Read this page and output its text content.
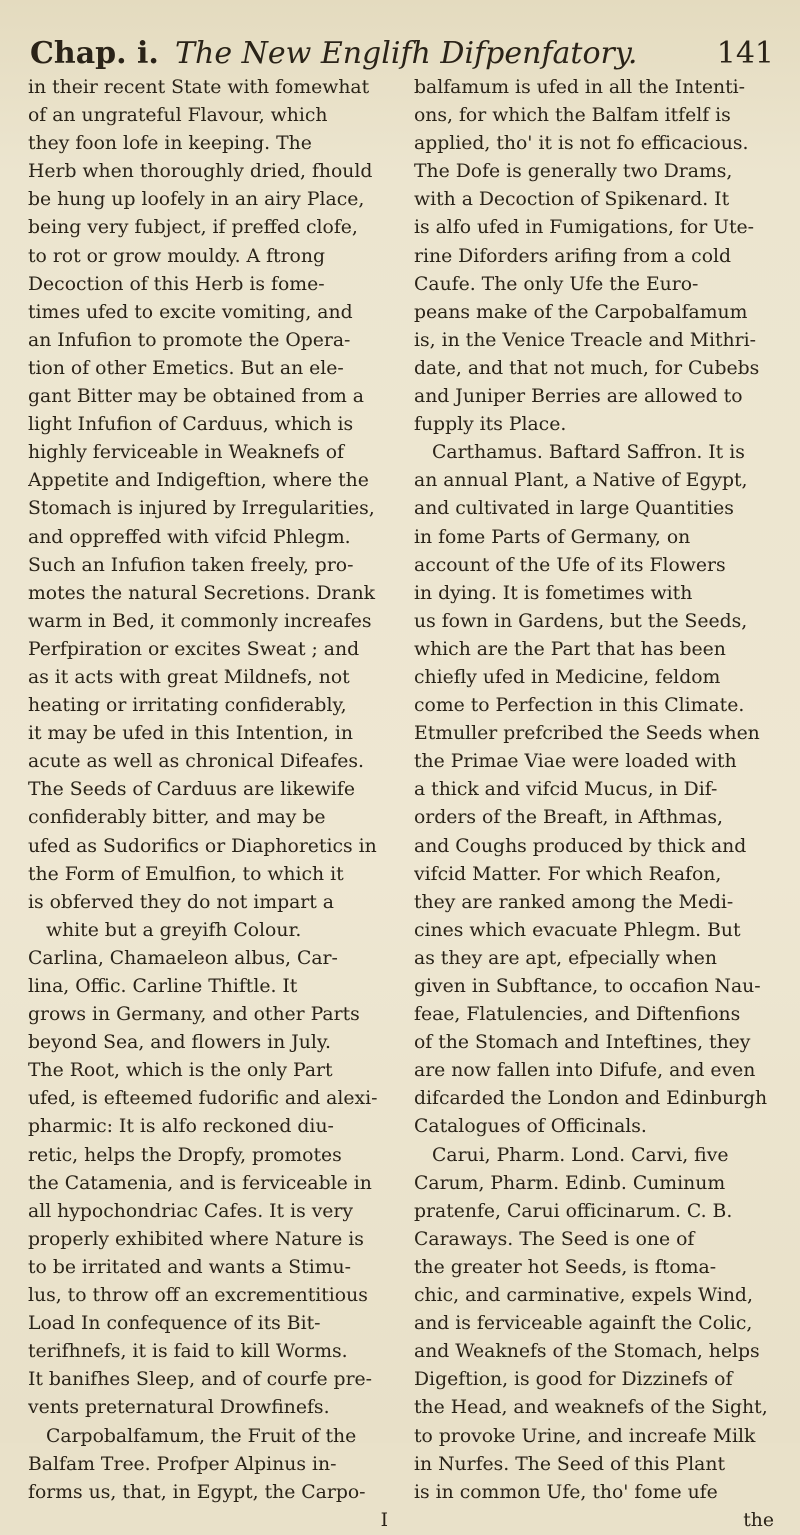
Chap. i. The New Englifh Difpenfatory.	141
in their recent State with fomewhat
of an ungrateful Flavour, which
they foon lofe in keeping. The
Herb when thoroughly dried, fhould
be hung up loofely in an airy Place,
being very fubject, if preffed clofe,
to rot or grow mouldy. A ftrong
Decoction of this Herb is fome-
times ufed to excite vomiting, and
an Infufion to promote the Opera-
tion of other Emetics. But an ele-
gant Bitter may be obtained from a
light Infufion of Carduus, which is
highly ferviceable in Weaknefs of
Appetite and Indigeftion, where the
Stomach is injured by Irregularities,
and oppreffed with vifcid Phlegm.
Such an Infufion taken freely, pro-
motes the natural Secretions. Drank
warm in Bed, it commonly increafes
Perfpiration or excites Sweat ; and
as it acts with great Mildnefs, not
heating or irritating confiderably,
it may be ufed in this Intention, in
acute as well as chronical Difeafes.
The Seeds of Carduus are likewife
confiderably bitter, and may be
ufed as Sudorifics or Diaphoretics in
the Form of Emulfion, to which it
is obferved they do not impart a
white but a greyifh Colour.
Carlina, Chamaeleon albus, Car-
lina, Offic. Carline Thiftle. It
grows in Germany, and other Parts
beyond Sea, and flowers in July.
The Root, which is the only Part
ufed, is efteemed fudorific and alexi-
pharmic: It is alfo reckoned diu-
retic, helps the Dropfy, promotes
the Catamenia, and is ferviceable in
all hypochondriac Cafes. It is very
properly exhibited where Nature is
to be irritated and wants a Stimu-
lus, to throw off an excrementitious
Load In confequence of its Bit-
terifhnefs, it is faid to kill Worms.
It banifhes Sleep, and of courfe pre-
vents preternatural Drowfinefs.
Carpobalfamum, the Fruit of the
Balfam Tree. Profper Alpinus in-
forms us, that, in Egypt, the Carpo-
I
balfamum is ufed in all the Intenti-
ons, for which the Balfam itfelf is
applied, tho' it is not fo efficacious.
The Dofe is generally two Drams,
with a Decoction of Spikenard. It
is alfo ufed in Fumigations, for Ute-
rine Diforders arifing from a cold
Caufe. The only Ufe the Euro-
peans make of the Carpobalfamum
is, in the Venice Treacle and Mithri-
date, and that not much, for Cubebs
and Juniper Berries are allowed to
fupply its Place.
Carthamus. Baftard Saffron. It is
an annual Plant, a Native of Egypt,
and cultivated in large Quantities
in fome Parts of Germany, on
account of the Ufe of its Flowers
in dying. It is fometimes with
us fown in Gardens, but the Seeds,
which are the Part that has been
chiefly ufed in Medicine, feldom
come to Perfection in this Climate.
Etmuller prefcribed the Seeds when
the Primae Viae were loaded with
a thick and vifcid Mucus, in Dif-
orders of the Breaft, in Afthmas,
and Coughs produced by thick and
vifcid Matter. For which Reafon,
they are ranked among the Medi-
cines which evacuate Phlegm. But
as they are apt, efpecially when
given in Subftance, to occafion Nau-
feae, Flatulencies, and Diftenfions
of the Stomach and Inteftines, they
are now fallen into Difufe, and even
difcarded the London and Edinburgh
Catalogues of Officinals.
Carui, Pharm. Lond. Carvi, five
Carum, Pharm. Edinb. Cuminum
pratenfe, Carui officinarum. C. B.
Caraways. The Seed is one of
the greater hot Seeds, is ftoma-
chic, and carminative, expels Wind,
and is ferviceable againft the Colic,
and Weaknefs of the Stomach, helps
Digeftion, is good for Dizzinefs of
the Head, and weaknefs of the Sight,
to provoke Urine, and increafe Milk
in Nurfes. The Seed of this Plant
is in common Ufe, tho' fome ufe
the
